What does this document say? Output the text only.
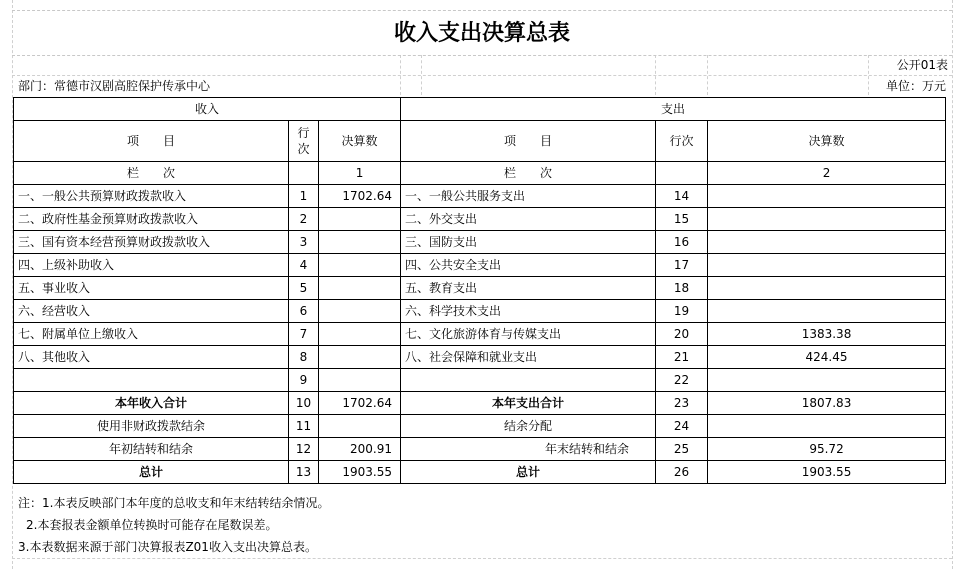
收入支出决算总表
公开01表
部门：常德市汉剧高腔保护传承中心	单位：万元
收入			支出		
项　　目	行次	决算数	项　　目	行次	决算数
栏　　次		1	栏　　次		2
一、一般公共预算财政拨款收入	1	1702.64	一、一般公共服务支出	14	
二、政府性基金预算财政拨款收入	2		二、外交支出	15	
三、国有资本经营预算财政拨款收入	3		三、国防支出	16	
四、上级补助收入	4		四、公共安全支出	17	
五、事业收入	5		五、教育支出	18	
六、经营收入	6		六、科学技术支出	19	
七、附属单位上缴收入	7		七、文化旅游体育与传媒支出	20	1383.38
八、其他收入	8		八、社会保障和就业支出	21	424.45
	9			22	
本年收入合计	10	1702.64	本年支出合计	23	1807.83
使用非财政拨款结余	11		结余分配	24	
年初结转和结余	12	200.91	年末结转和结余	25	95.72
总计	13	1903.55	总计	26	1903.55
注：1.本表反映部门本年度的总收支和年末结转结余情况。
2.本套报表金额单位转换时可能存在尾数误差。
3.本表数据来源于部门决算报表Z01收入支出决算总表。
